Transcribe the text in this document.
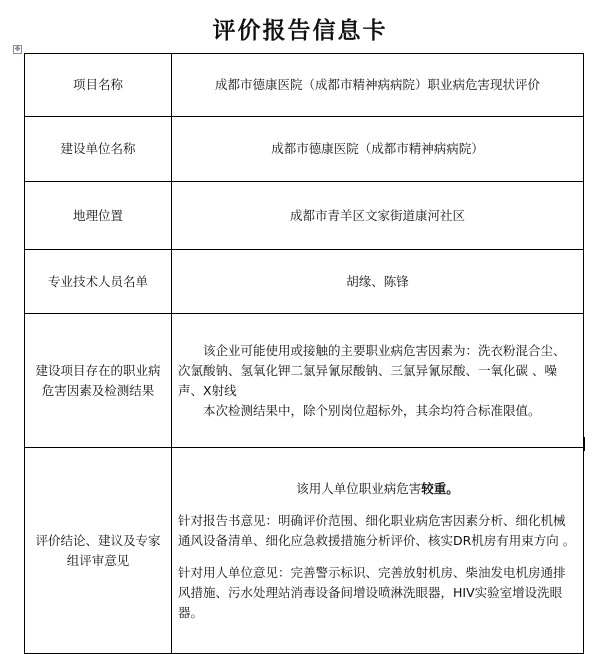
评价报告信息卡
✥
项目名称	成都市德康医院（成都市精神病病院）职业病危害现状评价
建设单位名称	成都市德康医院（成都市精神病病院）
地理位置	成都市青羊区文家街道康河社区
专业技术人员名单	胡缘、陈锋
建设项目存在的职业病危害因素及检测结果	该企业可能使用或接触的主要职业病危害因素为：洗衣粉混合尘、次氯酸钠、氢氧化钾二氯异氰尿酸钠、三氯异氰尿酸、一氧化碳 、噪声、X射线

本次检测结果中，除个别岗位超标外，其余均符合标准限值。

评价结论、建议及专家组评审意见	该用人单位职业病危害较重。

针对报告书意见：明确评价范围、细化职业病危害因素分析、细化机械通风设备清单、细化应急救援措施分析评价、核实DR机房有用束方向 。

针对用人单位意见：完善警示标识、完善放射机房、柴油发电机房通排风措施、污水处理站消毒设备间增设喷淋洗眼器，HIV实验室增设洗眼器。
